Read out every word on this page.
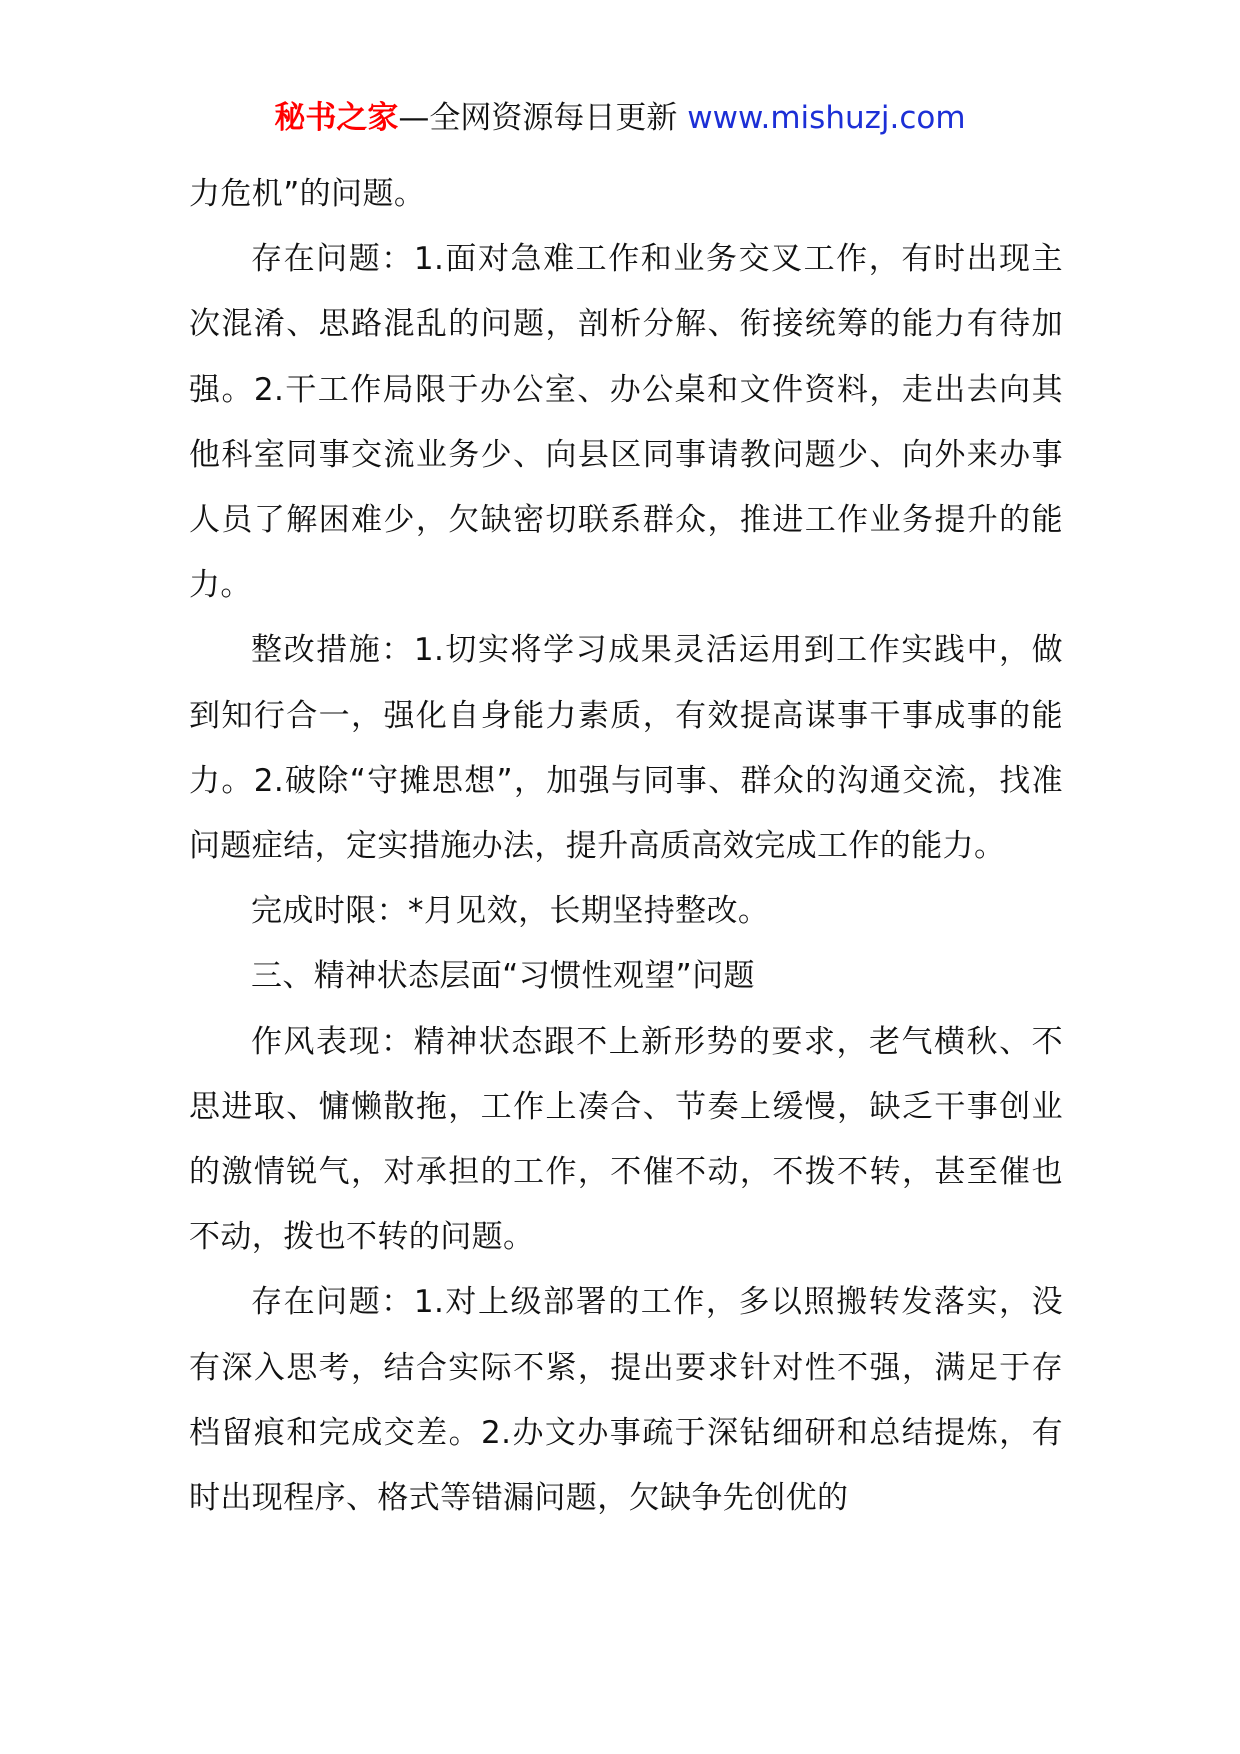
秘书之家—全网资源每日更新 www.mishuzj.com

力危机”的问题。

存在问题：1.面对急难工作和业务交叉工作，有时出现主次混淆、思路混乱的问题，剖析分解、衔接统筹的能力有待加强。2.干工作局限于办公室、办公桌和文件资料，走出去向其他科室同事交流业务少、向县区同事请教问题少、向外来办事人员了解困难少，欠缺密切联系群众，推进工作业务提升的能力。

整改措施：1.切实将学习成果灵活运用到工作实践中，做到知行合一，强化自身能力素质，有效提高谋事干事成事的能力。2.破除“守摊思想”，加强与同事、群众的沟通交流，找准问题症结，定实措施办法，提升高质高效完成工作的能力。

完成时限：*月见效，长期坚持整改。

三、精神状态层面“习惯性观望”问题

作风表现：精神状态跟不上新形势的要求，老气横秋、不思进取、慵懒散拖，工作上凑合、节奏上缓慢，缺乏干事创业的激情锐气，对承担的工作，不催不动，不拨不转，甚至催也不动，拨也不转的问题。

存在问题：1.对上级部署的工作，多以照搬转发落实，没有深入思考，结合实际不紧，提出要求针对性不强，满足于存档留痕和完成交差。2.办文办事疏于深钻细研和总结提炼，有时出现程序、格式等错漏问题，欠缺争先创优的
